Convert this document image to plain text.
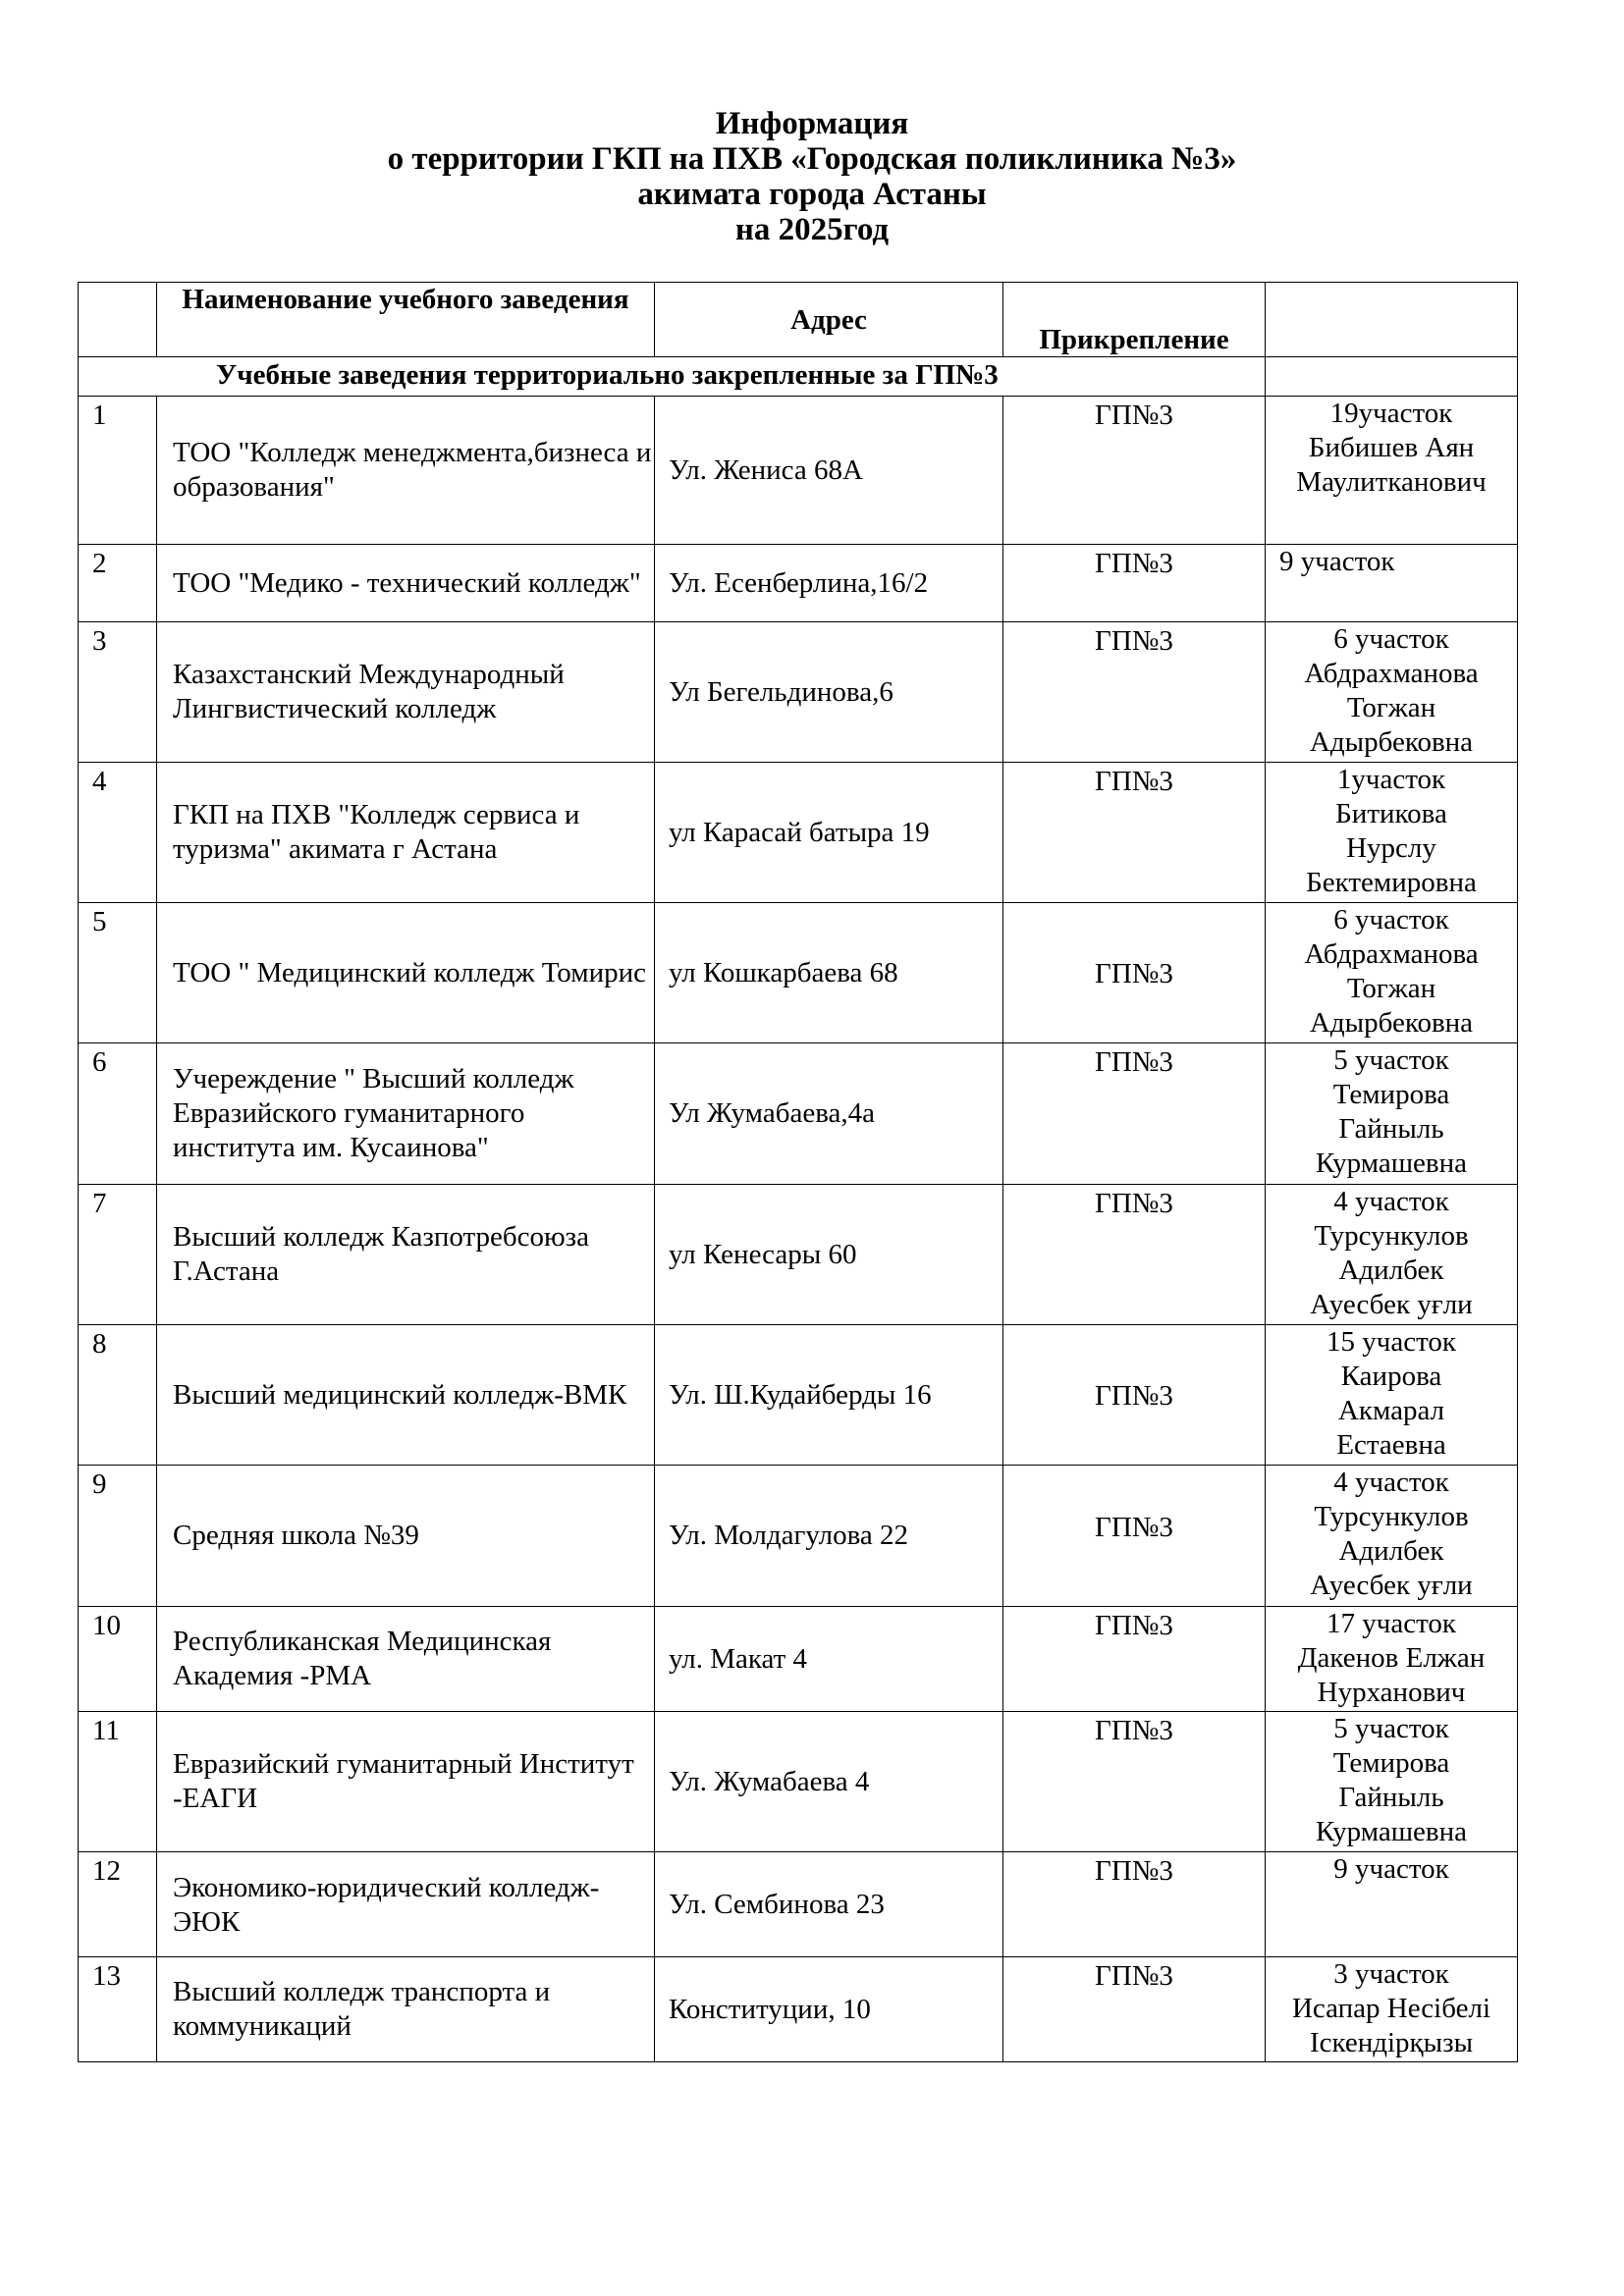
Информация
о территории ГКП на ПХВ «Городская поликлиника №3»
акимата города Астаны
на 2025год
	Наименование учебного заведения	Адрес	Прикрепление	
Учебные заведения территориально закрепленные за ГП№3				
1	ТОО "Колледж менеджмента,бизнеса и образования"	Ул. Жениса 68А	ГП№3	19участок
Бибишев Аян
Маулитканович

2	ТОО "Медико - технический колледж"	Ул. Есенберлина,16/2	ГП№3	9 участок

3	Казахстанский Международный Лингвистический колледж	Ул Бегельдинова,6	ГП№3	6 участок
Абдрахманова
Тогжан
Адырбековна

4	ГКП на ПХВ "Колледж сервиса и туризма" акимата г Астана	ул Карасай батыра 19	ГП№3	1участок
Битикова
Нурслу
Бектемировна

5	ТОО " Медицинский колледж Томирис	ул Кошкарбаева 68	ГП№3	6 участок
Абдрахманова
Тогжан
Адырбековна

6	Учереждение " Высший колледж Евразийского гуманитарного института им. Кусаинова"	Ул Жумабаева,4а	ГП№3	5 участок
Темирова
Гайныль
Курмашевна

7	Высший колледж Казпотребсоюза Г.Астана	ул Кенесары 60	ГП№3	4 участок
Турсункулов
Адилбек
Ауесбек уғли

8	Высший медицинский колледж-ВМК	Ул. Ш.Кудайберды 16	ГП№3	15 участок
Каирова
Акмарал
Естаевна

9	Средняя школа №39	Ул. Молдагулова 22	ГП№3	4 участок
Турсункулов
Адилбек
Ауесбек уғли

10	Республиканская Медицинская Академия -РМА	ул. Макат 4	ГП№3	17 участок
Дакенов Елжан
Нурханович

11	Евразийский гуманитарный Институт -ЕАГИ	Ул. Жумабаева 4	ГП№3	5 участок
Темирова
Гайныль
Курмашевна

12	Экономико-юридический колледж- ЭЮК	Ул. Сембинова 23	ГП№3	9 участок

13	Высший колледж транспорта и коммуникаций	Конституции, 10	ГП№3	3 участок
Исапар Несібелі
Іскендірқызы
